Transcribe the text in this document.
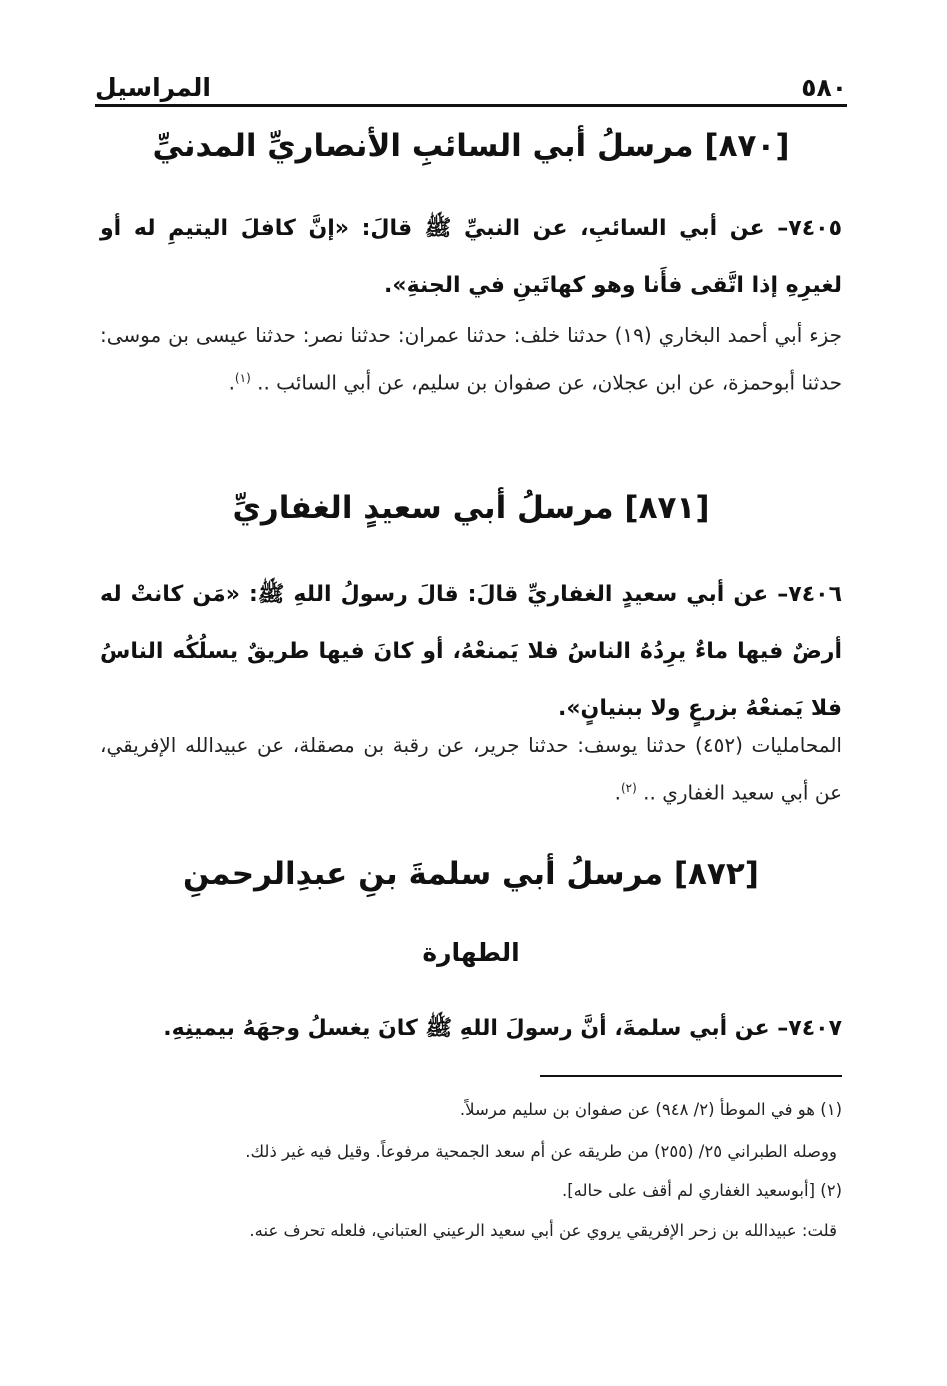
٥٨٠
المراسيل
[٨٧٠] مرسلُ أبي السائبِ الأنصاريِّ المدنيِّ
٧٤٠٥– عن أبي السائبِ، عن النبيِّ ﷺ قالَ: «إنَّ كافلَ اليتيمِ له أو لغيرِهِ إذا اتَّقى فأَنا وهو كهاتَينِ في الجنةِ».
جزء أبي أحمد البخاري (١٩) حدثنا خلف: حدثنا عمران: حدثنا نصر: حدثنا عيسى بن موسى: حدثنا أبوحمزة، عن ابن عجلان، عن صفوان بن سليم، عن أبي السائب .. $^{(١)}$.
[٨٧١] مرسلُ أبي سعيدٍ الغفاريِّ
٧٤٠٦– عن أبي سعيدٍ الغفاريِّ قالَ: قالَ رسولُ اللهِ ﷺ: «مَن كانتْ له أرضٌ فيها ماءٌ يرِدُهُ الناسُ فلا يَمنعْهُ، أو كانَ فيها طريقٌ يسلُكُه الناسُ فلا يَمنعْهُ بزرعٍ ولا ببنيانٍ».
المحامليات (٤٥٢) حدثنا يوسف: حدثنا جرير، عن رقبة بن مصقلة، عن عبيدالله الإفريقي، عن أبي سعيد الغفاري .. $^{(٢)}$.
[٨٧٢] مرسلُ أبي سلمةَ بنِ عبدِالرحمنِ
الطهارة
٧٤٠٧– عن أبي سلمةَ، أنَّ رسولَ اللهِ ﷺ كانَ يغسلُ وجهَهُ بيمينِهِ.
(١) هو في الموطأ (٢/ ٩٤٨) عن صفوان بن سليم مرسلاً.
ووصله الطبراني ٢٥/ (٢٥٥) من طريقه عن أم سعد الجمحية مرفوعاً. وقيل فيه غير ذلك.
(٢) [أبوسعيد الغفاري لم أقف على حاله].
قلت: عبيدالله بن زحر الإفريقي يروي عن أبي سعيد الرعيني العتباني، فلعله تحرف عنه.
